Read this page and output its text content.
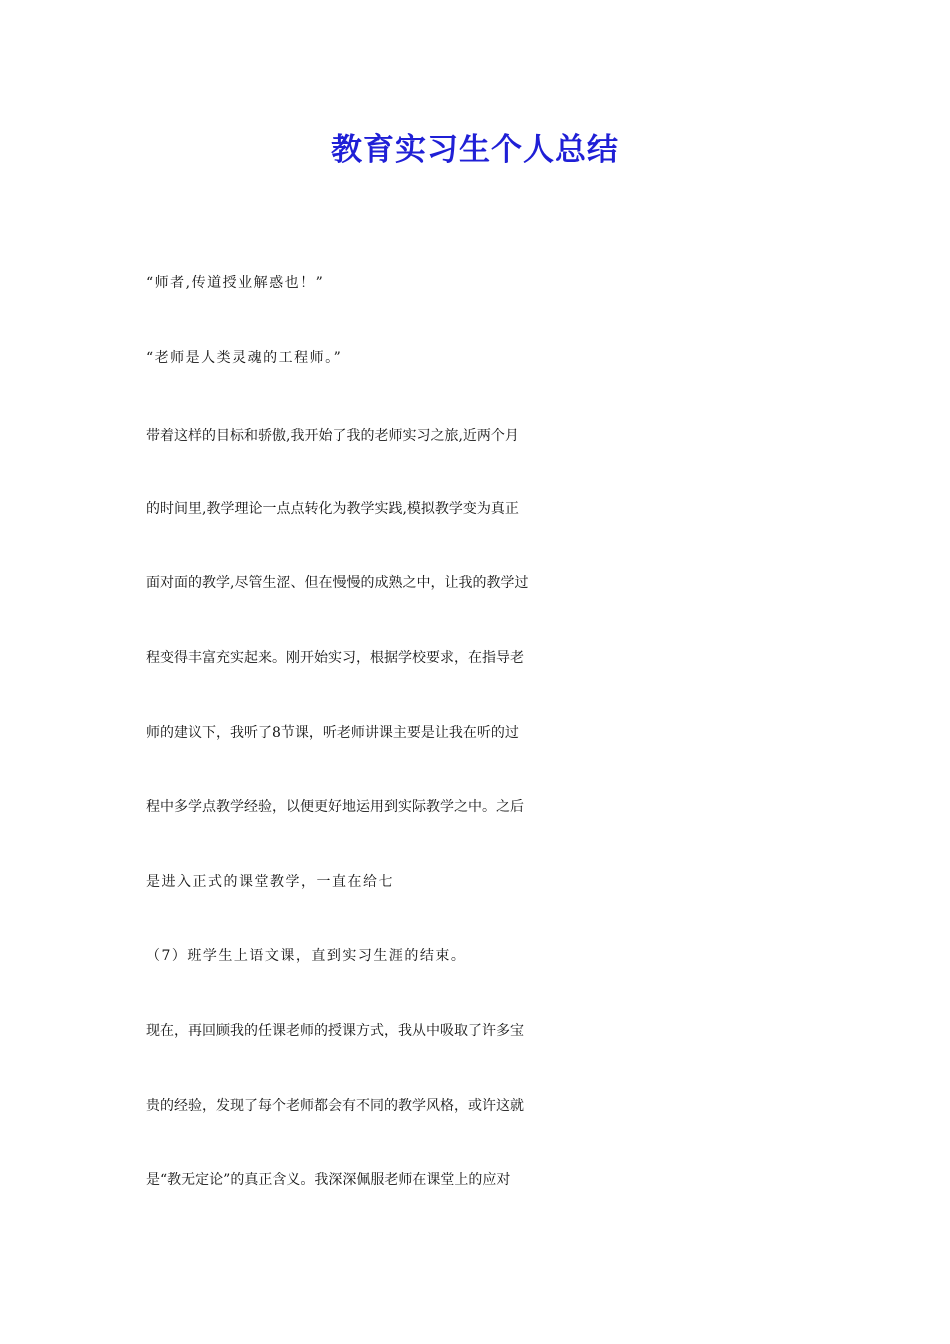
教育实习生个人总结

“师者,传道授业解惑也！”

“老师是人类灵魂的工程师。”

带着这样的目标和骄傲,我开始了我的老师实习之旅,近两个月

的时间里,教学理论一点点转化为教学实践,模拟教学变为真正

面对面的教学,尽管生涩、但在慢慢的成熟之中，让我的教学过

程变得丰富充实起来。刚开始实习，根据学校要求，在指导老

师的建议下，我听了8节课，听老师讲课主要是让我在听的过

程中多学点教学经验，以便更好地运用到实际教学之中。之后

是进入正式的课堂教学，一直在给七

（7）班学生上语文课，直到实习生涯的结束。

现在，再回顾我的任课老师的授课方式，我从中吸取了许多宝

贵的经验，发现了每个老师都会有不同的教学风格，或许这就

是“教无定论”的真正含义。我深深佩服老师在课堂上的应对
